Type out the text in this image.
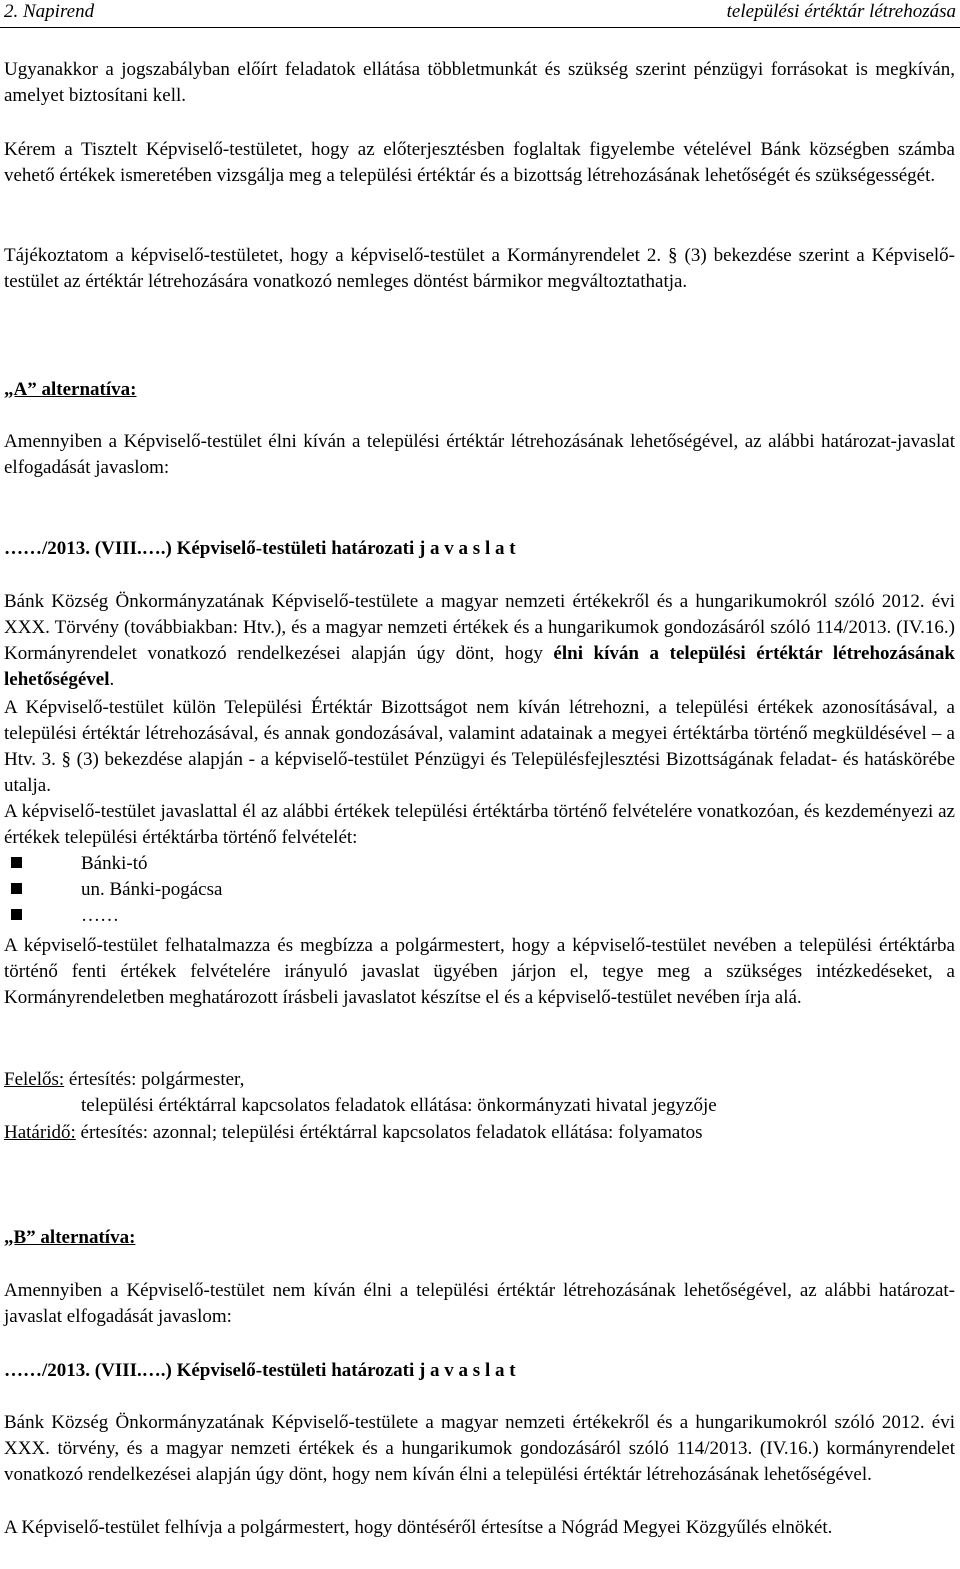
2. Napirend	települési értéktár létrehozása

Ugyanakkor a jogszabályban előírt feladatok ellátása többletmunkát és szükség szerint pénzügyi forrásokat is megkíván, amelyet biztosítani kell.

Kérem a Tisztelt Képviselő-testületet, hogy az előterjesztésben foglaltak figyelembe vételével Bánk községben számba vehető értékek ismeretében vizsgálja meg a települési értéktár és a bizottság létrehozásának lehetőségét és szükségességét.

Tájékoztatom a képviselő-testületet, hogy a képviselő-testület a Kormányrendelet 2. § (3) bekezdése szerint a Képviselő-testület az értéktár létrehozására vonatkozó nemleges döntést bármikor megváltoztathatja.

„A” alternatíva:

Amennyiben a Képviselő-testület élni kíván a települési értéktár létrehozásának lehetőségével, az alábbi határozat-javaslat elfogadását javaslom:

……/2013. (VIII.….) Képviselő-testületi határozati j a v a s l a t

Bánk Község Önkormányzatának Képviselő-testülete a magyar nemzeti értékekről és a hungarikumokról szóló 2012. évi XXX. Törvény (továbbiakban: Htv.), és a magyar nemzeti értékek és a hungarikumok gondozásáról szóló 114/2013. (IV.16.) Kormányrendelet vonatkozó rendelkezései alapján úgy dönt, hogy élni kíván a települési értéktár létrehozásának lehetőségével.

A Képviselő-testület külön Települési Értéktár Bizottságot nem kíván létrehozni, a települési értékek azonosításával, a települési értéktár létrehozásával, és annak gondozásával, valamint adatainak a megyei értéktárba történő megküldésével – a Htv. 3. § (3) bekezdése alapján - a képviselő-testület Pénzügyi és Településfejlesztési Bizottságának feladat- és hatáskörébe utalja.

A képviselő-testület javaslattal él az alábbi értékek települési értéktárba történő felvételére vonatkozóan, és kezdeményezi az értékek települési értéktárba történő felvételét:

Bánki-tó
un. Bánki-pogácsa
……

A képviselő-testület felhatalmazza és megbízza a polgármestert, hogy a képviselő-testület nevében a települési értéktárba történő fenti értékek felvételére irányuló javaslat ügyében járjon el, tegye meg a szükséges intézkedéseket, a Kormányrendeletben meghatározott írásbeli javaslatot készítse el és a képviselő-testület nevében írja alá.

Felelős: értesítés: polgármester,

települési értéktárral kapcsolatos feladatok ellátása: önkormányzati hivatal jegyzője

Határidő: értesítés: azonnal; települési értéktárral kapcsolatos feladatok ellátása: folyamatos

„B” alternatíva:

Amennyiben a Képviselő-testület nem kíván élni a települési értéktár létrehozásának lehetőségével, az alábbi határozat-javaslat elfogadását javaslom:

……/2013. (VIII.….) Képviselő-testületi határozati j a v a s l a t

Bánk Község Önkormányzatának Képviselő-testülete a magyar nemzeti értékekről és a hungarikumokról szóló 2012. évi XXX. törvény, és a magyar nemzeti értékek és a hungarikumok gondozásáról szóló 114/2013. (IV.16.) kormányrendelet vonatkozó rendelkezései alapján úgy dönt, hogy nem kíván élni a települési értéktár létrehozásának lehetőségével.

A Képviselő-testület felhívja a polgármestert, hogy döntéséről értesítse a Nógrád Megyei Közgyűlés elnökét.
